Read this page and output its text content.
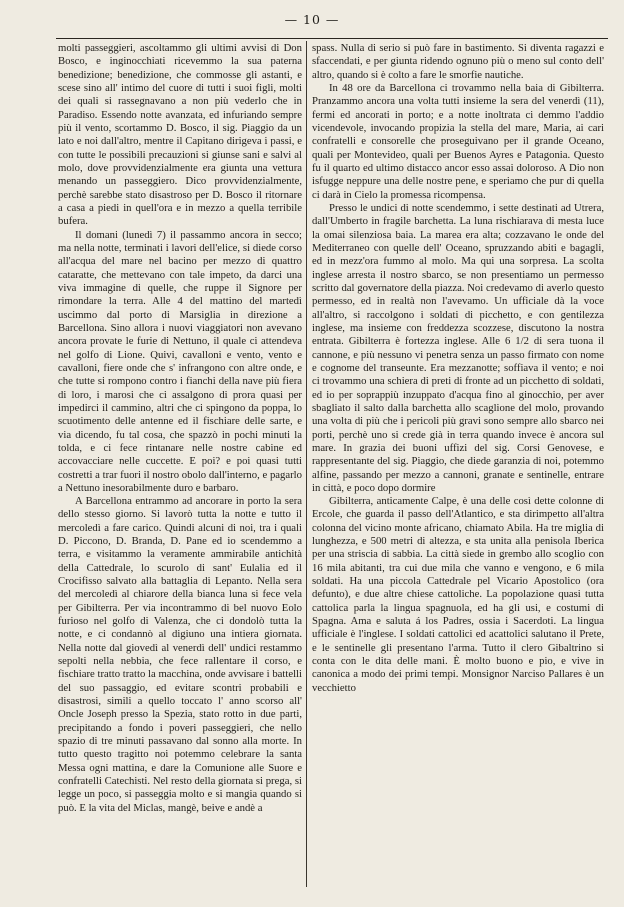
— 10 —

molti passeggieri, ascoltammo gli ultimi avvisi di Don Bosco, e inginocchiati ricevemmo la sua paterna benedizione; benedizione, che commosse gli astanti, e scese sino all' intimo del cuore di tutti i suoi figli, molti dei quali si rassegnavano a non più vederlo che in Paradiso. Essendo notte avanzata, ed infuriando sempre più il vento, scortammo D. Bosco, il sig. Piaggio da un lato e noi dall'altro, mentre il Capitano dirigeva i passi, e con tutte le possibili precauzioni si giunse sani e salvi al molo, dove provvidenzialmente era giunta una vettura menando un passeggiero. Dico provvidenzialmente, perchè sarebbe stato disastroso per D. Bosco il ritornare a casa a piedi in quell'ora e in mezzo a quella terribile bufera.

Il domani (lunedì 7) il passammo ancora in secco; ma nella notte, terminati i lavori dell'elice, si diede corso all'acqua del mare nel bacino per mezzo di quattro cataratte, che mettevano con tale impeto, da darci una viva immagine di quelle, che ruppe il Signore per rimondare la terra. Alle 4 del mattino del martedì uscimmo dal porto di Marsiglia in direzione a Barcellona. Sino allora i nuovi viaggiatori non avevano ancora provate le furie di Nettuno, il quale ci attendeva nel golfo di Lione. Quivi, cavalloni e vento, vento e cavalloni, fiere onde che s' infrangono con altre onde, e che tutte si rompono contro i fianchi della nave più fiera di loro, i marosi che ci assalgono di prora quasi per impedirci il cammino, altri che ci spingono da poppa, lo scuotimento delle antenne ed il fischiare delle sarte, e via dicendo, fu tal cosa, che spazzò in pochi minuti la tolda, e ci fece rintanare nelle nostre cabine ed accovacciare nelle cuccette. E poi? e poi quasi tutti costretti a trar fuori il nostro obolo dall'interno, e pagarlo a Nettuno inesorabilmente duro e barbaro.

A Barcellona entrammo ad ancorare in porto la sera dello stesso giorno. Si lavorò tutta la notte e tutto il mercoledì a fare carico. Quindi alcuni di noi, tra i quali D. Piccono, D. Branda, D. Pane ed io scendemmo a terra, e visitammo la veramente ammirabile antichità della Cattedrale, lo scurolo di sant' Eulalia ed il Crocifisso salvato alla battaglia di Lepanto. Nella sera del mercoledì al chiarore della bianca luna si fece vela per Gibilterra. Per via incontrammo di bel nuovo Eolo furioso nel golfo di Valenza, che ci dondolò tutta la notte, e ci condannò al digiuno una intiera giornata. Nella notte dal giovedì al venerdì dell' undici restammo sepolti nella nebbia, che fece rallentare il corso, e fischiare tratto tratto la macchina, onde avvisare i battelli del suo passaggio, ed evitare scontri probabili e disastrosi, simili a quello toccato l' anno scorso all' Oncle Joseph presso la Spezia, stato rotto in due parti, precipitando a fondo i poveri passeggieri, che nello spazio di tre minuti passavano dal sonno alla morte. In tutto questo tragitto noi potemmo celebrare la santa Messa ogni mattina, e dare la Comunione alle Suore e confratelli Catechisti. Nel resto della giornata si prega, si legge un poco, si passeggia molto e si mangia quando si può. E la vita del Miclas, mangè, beive e andè a

spass. Nulla di serio si può fare in bastimento. Si diventa ragazzi e sfaccendati, e per giunta ridendo ognuno più o meno sul conto dell' altro, quando si è colto a fare le smorfie nautiche.

In 48 ore da Barcellona ci trovammo nella baia di Gibilterra. Pranzammo ancora una volta tutti insieme la sera del venerdì (11), fermi ed ancorati in porto; e a notte inoltrata ci demmo l'addio vicendevole, invocando propizia la stella del mare, Maria, ai cari confratelli e consorelle che proseguivano per il grande Oceano, quali per Montevideo, quali per Buenos Ayres e Patagonia. Questo fu il quarto ed ultimo distacco ancor esso assai doloroso. A Dio non isfugge neppure una delle nostre pene, e speriamo che pur di quella ci darà in Cielo la promessa ricompensa.

Presso le undici di notte scendemmo, i sette destinati ad Utrera, dall'Umberto in fragile barchetta. La luna rischiarava di mesta luce la omai silenziosa baia. La marea era alta; cozzavano le onde del Mediterraneo con quelle dell' Oceano, spruzzando abiti e bagagli, ed in mezz'ora fummo al molo. Ma qui una sorpresa. La scolta inglese arresta il nostro sbarco, se non presentiamo un permesso scritto dal governatore della piazza. Noi credevamo di averlo questo permesso, ed in realtà non l'avevamo. Un ufficiale dà la voce all'altro, si raccolgono i soldati di picchetto, e con gentilezza inglese, ma insieme con freddezza scozzese, discutono la nostra entrata. Gibilterra è fortezza inglese. Alle 6 1/2 di sera tuona il cannone, e più nessuno vi penetra senza un passo firmato con nome e cognome del transeunte. Era mezzanotte; soffiava il vento; e noi ci trovammo una schiera di preti di fronte ad un picchetto di soldati, ed io per soprappiù inzuppato d'acqua fino al ginocchio, per aver sbagliato il salto dalla barchetta allo scaglione del molo, provando una volta di più che i pericoli più gravi sono sempre allo sbarco nei porti, perchè uno si crede già in terra quando invece è ancora sul mare. In grazia dei buoni uffizi del sig. Corsi Genovese, e rappresentante del sig. Piaggio, che diede garanzia di noi, potemmo alfine, passando per mezzo a cannoni, granate e sentinelle, entrare in città, e poco dopo dormire

Gibilterra, anticamente Calpe, è una delle così dette colonne di Ercole, che guarda il passo dell'Atlantico, e sta dirimpetto all'altra colonna del vicino monte africano, chiamato Abila. Ha tre miglia di lunghezza, e 500 metri di altezza, e sta unita alla penisola Iberica per una striscia di sabbia. La città siede in grembo allo scoglio con 16 mila abitanti, tra cui due mila che vanno e vengono, e 6 mila soldati. Ha una piccola Cattedrale pel Vicario Apostolico (ora defunto), e due altre chiese cattoliche. La popolazione quasi tutta cattolica parla la lingua spagnuola, ed ha gli usi, e costumi di Spagna. Ama e saluta á los Padres, ossia i Sacerdoti. La lingua ufficiale è l'inglese. I soldati cattolici ed acattolici salutano il Prete, e le sentinelle gli presentano l'arma. Tutto il clero Gibaltrino si conta con le dita delle mani. È molto buono e pio, e vive in canonica a modo dei primi tempi. Monsignor Narciso Pallares è un vecchietto
